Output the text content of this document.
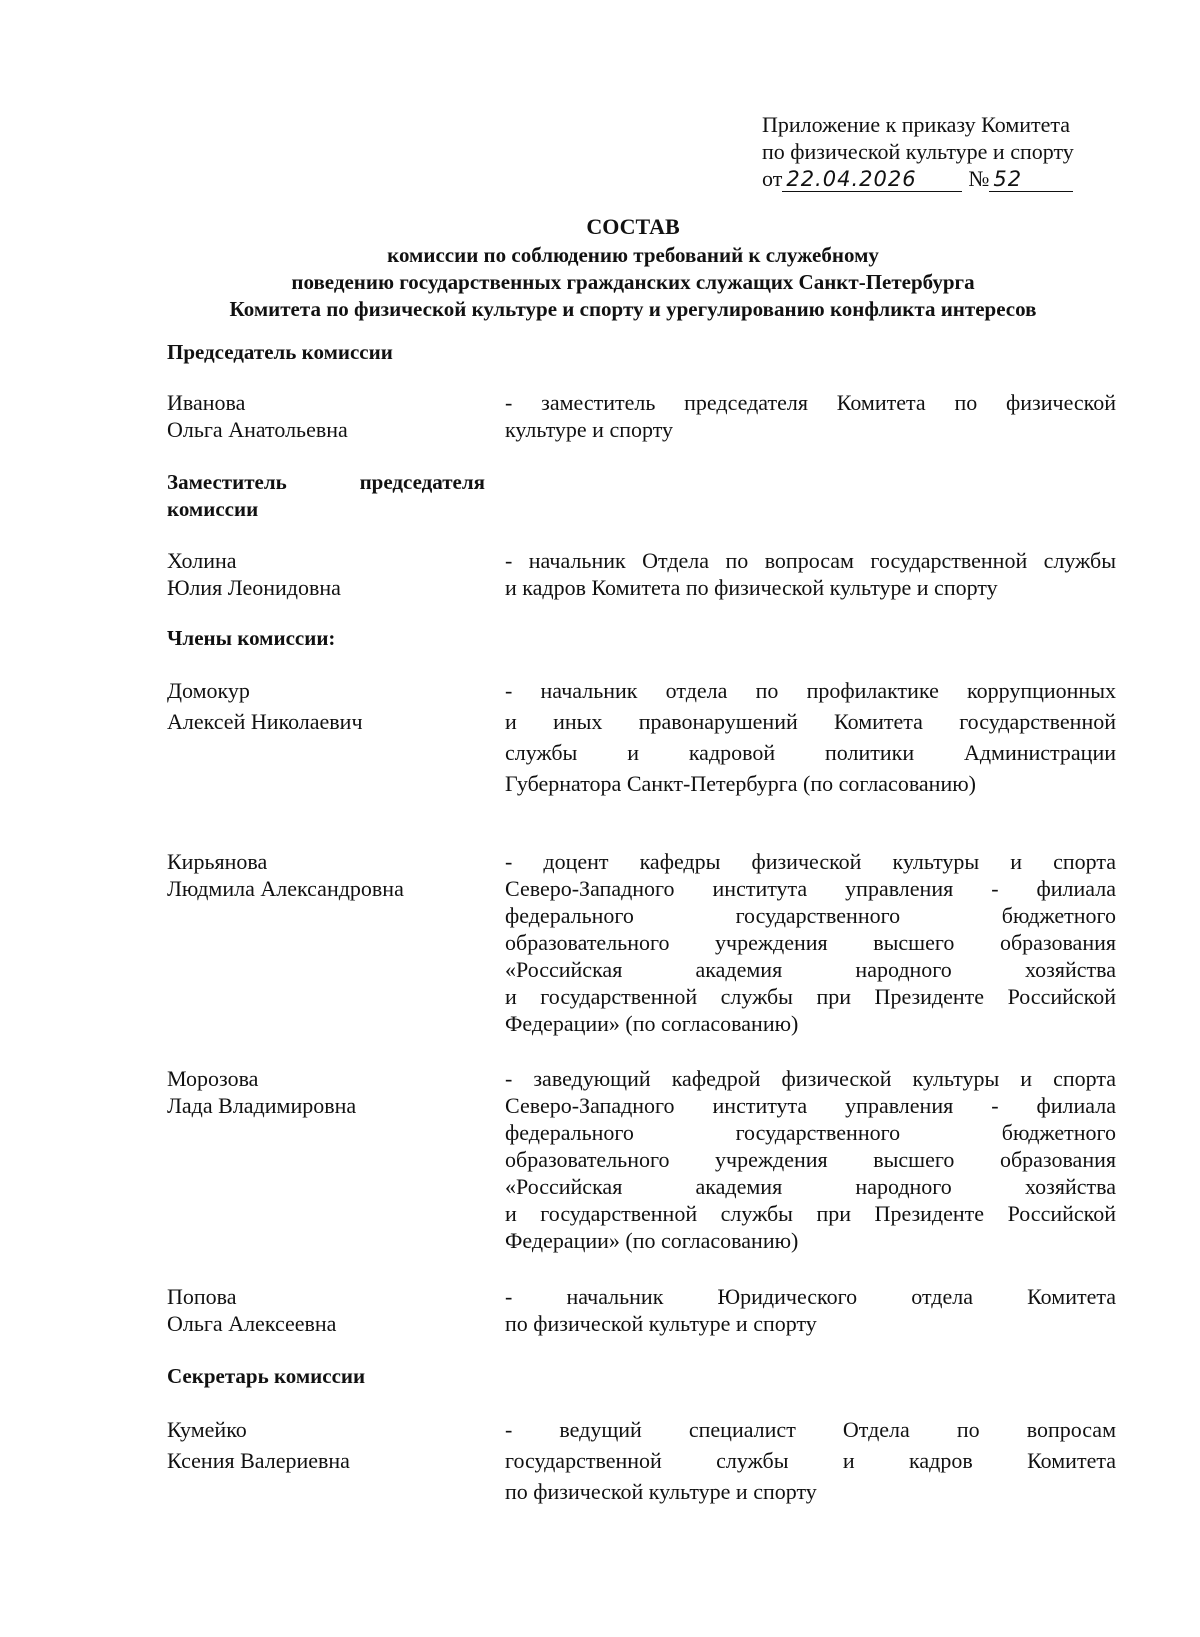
Приложение к приказу Комитета
по физической культуре и спорту
от 22.04.2026	№ 52
СОСТАВ
комиссии по соблюдению требований к служебному
поведению государственных гражданских служащих Санкт-Петербурга
Комитета по физической культуре и спорту и урегулированию конфликта интересов
Председатель комиссии
Иванова
Ольга Анатольевна
- заместитель председателя Комитета по физической
культуре и спорту
Заместитель председателя
комиссии
Холина
Юлия Леонидовна
- начальник Отдела по вопросам государственной службы
и кадров Комитета по физической культуре и спорту
Члены комиссии:
Домокур
Алексей Николаевич
- начальник отдела по профилактике коррупционных
и иных правонарушений Комитета государственной
службы и кадровой политики Администрации
Губернатора Санкт-Петербурга (по согласованию)
Кирьянова
Людмила Александровна
- доцент кафедры физической культуры и спорта
Северо-Западного института управления - филиала
федерального государственного бюджетного
образовательного учреждения высшего образования
«Российская академия народного хозяйства
и государственной службы при Президенте Российской
Федерации» (по согласованию)
Морозова
Лада Владимировна
- заведующий кафедрой физической культуры и спорта
Северо-Западного института управления - филиала
федерального государственного бюджетного
образовательного учреждения высшего образования
«Российская академия народного хозяйства
и государственной службы при Президенте Российской
Федерации» (по согласованию)
Попова
Ольга Алексеевна
- начальник Юридического отдела Комитета
по физической культуре и спорту
Секретарь комиссии
Кумейко
Ксения Валериевна
- ведущий специалист Отдела по вопросам
государственной службы и кадров Комитета
по физической культуре и спорту
